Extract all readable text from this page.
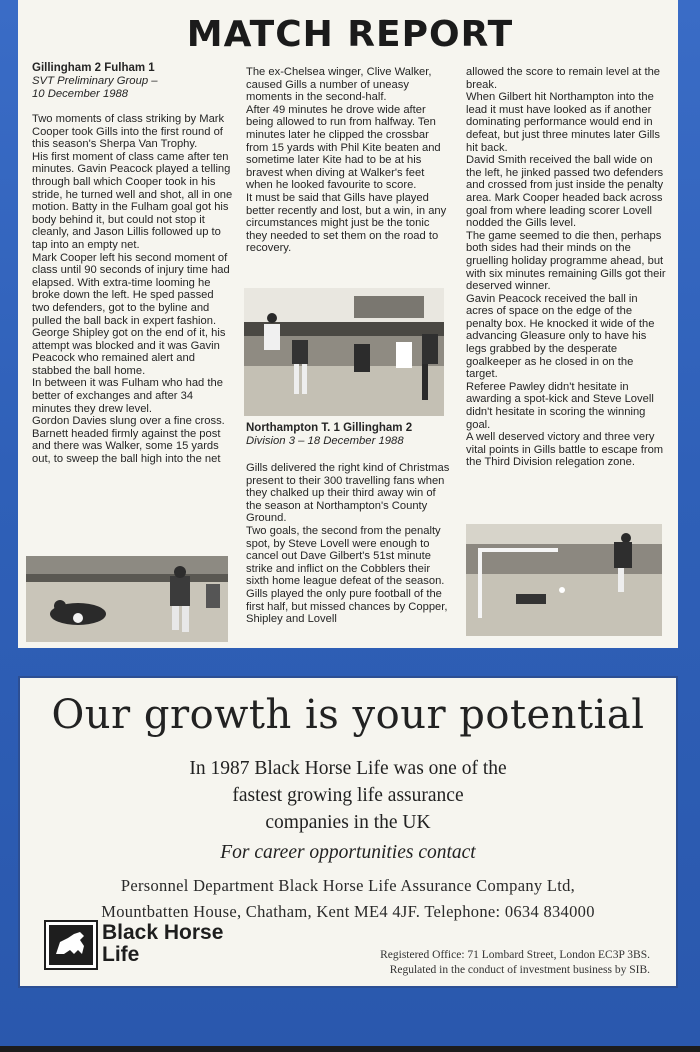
MATCH REPORT

Gillingham 2 Fulham 1

SVT Preliminary Group –

10 December 1988

Two moments of class striking by Mark Cooper took Gills into the first round of this season's Sherpa Van Trophy.

His first moment of class came after ten minutes. Gavin Peacock played a telling through ball which Cooper took in his stride, he turned well and shot, all in one motion. Batty in the Fulham goal got his body behind it, but could not stop it cleanly, and Jason Lillis followed up to tap into an empty net.

Mark Cooper left his second moment of class until 90 seconds of injury time had elapsed. With extra-time looming he broke down the left. He sped passed two defenders, got to the byline and pulled the ball back in expert fashion.

George Shipley got on the end of it, his attempt was blocked and it was Gavin Peacock who remained alert and stabbed the ball home.

In between it was Fulham who had the better of exchanges and after 34 minutes they drew level.

Gordon Davies slung over a fine cross. Barnett headed firmly against the post and there was Walker, some 15 yards out, to sweep the ball high into the net

The ex-Chelsea winger, Clive Walker, caused Gills a number of uneasy moments in the second-half.

After 49 minutes he drove wide after being allowed to run from halfway. Ten minutes later he clipped the crossbar from 15 yards with Phil Kite beaten and sometime later Kite had to be at his bravest when diving at Walker's feet when he looked favourite to score.

It must be said that Gills have played better recently and lost, but a win, in any circumstances might just be the tonic they needed to set them on the road to recovery.

Northampton T. 1 Gillingham 2

Division 3 – 18 December 1988

Gills delivered the right kind of Christmas present to their 300 travelling fans when they chalked up their third away win of the season at Northampton's County Ground.

Two goals, the second from the penalty spot, by Steve Lovell were enough to cancel out Dave Gilbert's 51st minute strike and inflict on the Cobblers their sixth home league defeat of the season.

Gills played the only pure football of the first half, but missed chances by Copper, Shipley and Lovell

allowed the score to remain level at the break.

When Gilbert hit Northampton into the lead it must have looked as if another dominating performance would end in defeat, but just three minutes later Gills hit back.

David Smith received the ball wide on the left, he jinked passed two defenders and crossed from just inside the penalty area. Mark Cooper headed back across goal from where leading scorer Lovell nodded the Gills level.

The game seemed to die then, perhaps both sides had their minds on the gruelling holiday programme ahead, but with six minutes remaining Gills got their deserved winner.

Gavin Peacock received the ball in acres of space on the edge of the penalty box. He knocked it wide of the advancing Gleasure only to have his legs grabbed by the desperate goalkeeper as he closed in on the target.

Referee Pawley didn't hesitate in awarding a spot-kick and Steve Lovell didn't hesitate in scoring the winning goal.

A well deserved victory and three very vital points in Gills battle to escape from the Third Division relegation zone.

Our growth is your potential
In 1987 Black Horse Life was one of the
fastest growing life assurance
companies in the UK
For career opportunities contact
Personnel Department Black Horse Life Assurance Company Ltd,
Mountbatten House, Chatham, Kent ME4 4JF. Telephone: 0634 834000
Black Horse
Life	Registered Office: 71 Lombard Street, London EC3P 3BS.
Regulated in the conduct of investment business by SIB.
